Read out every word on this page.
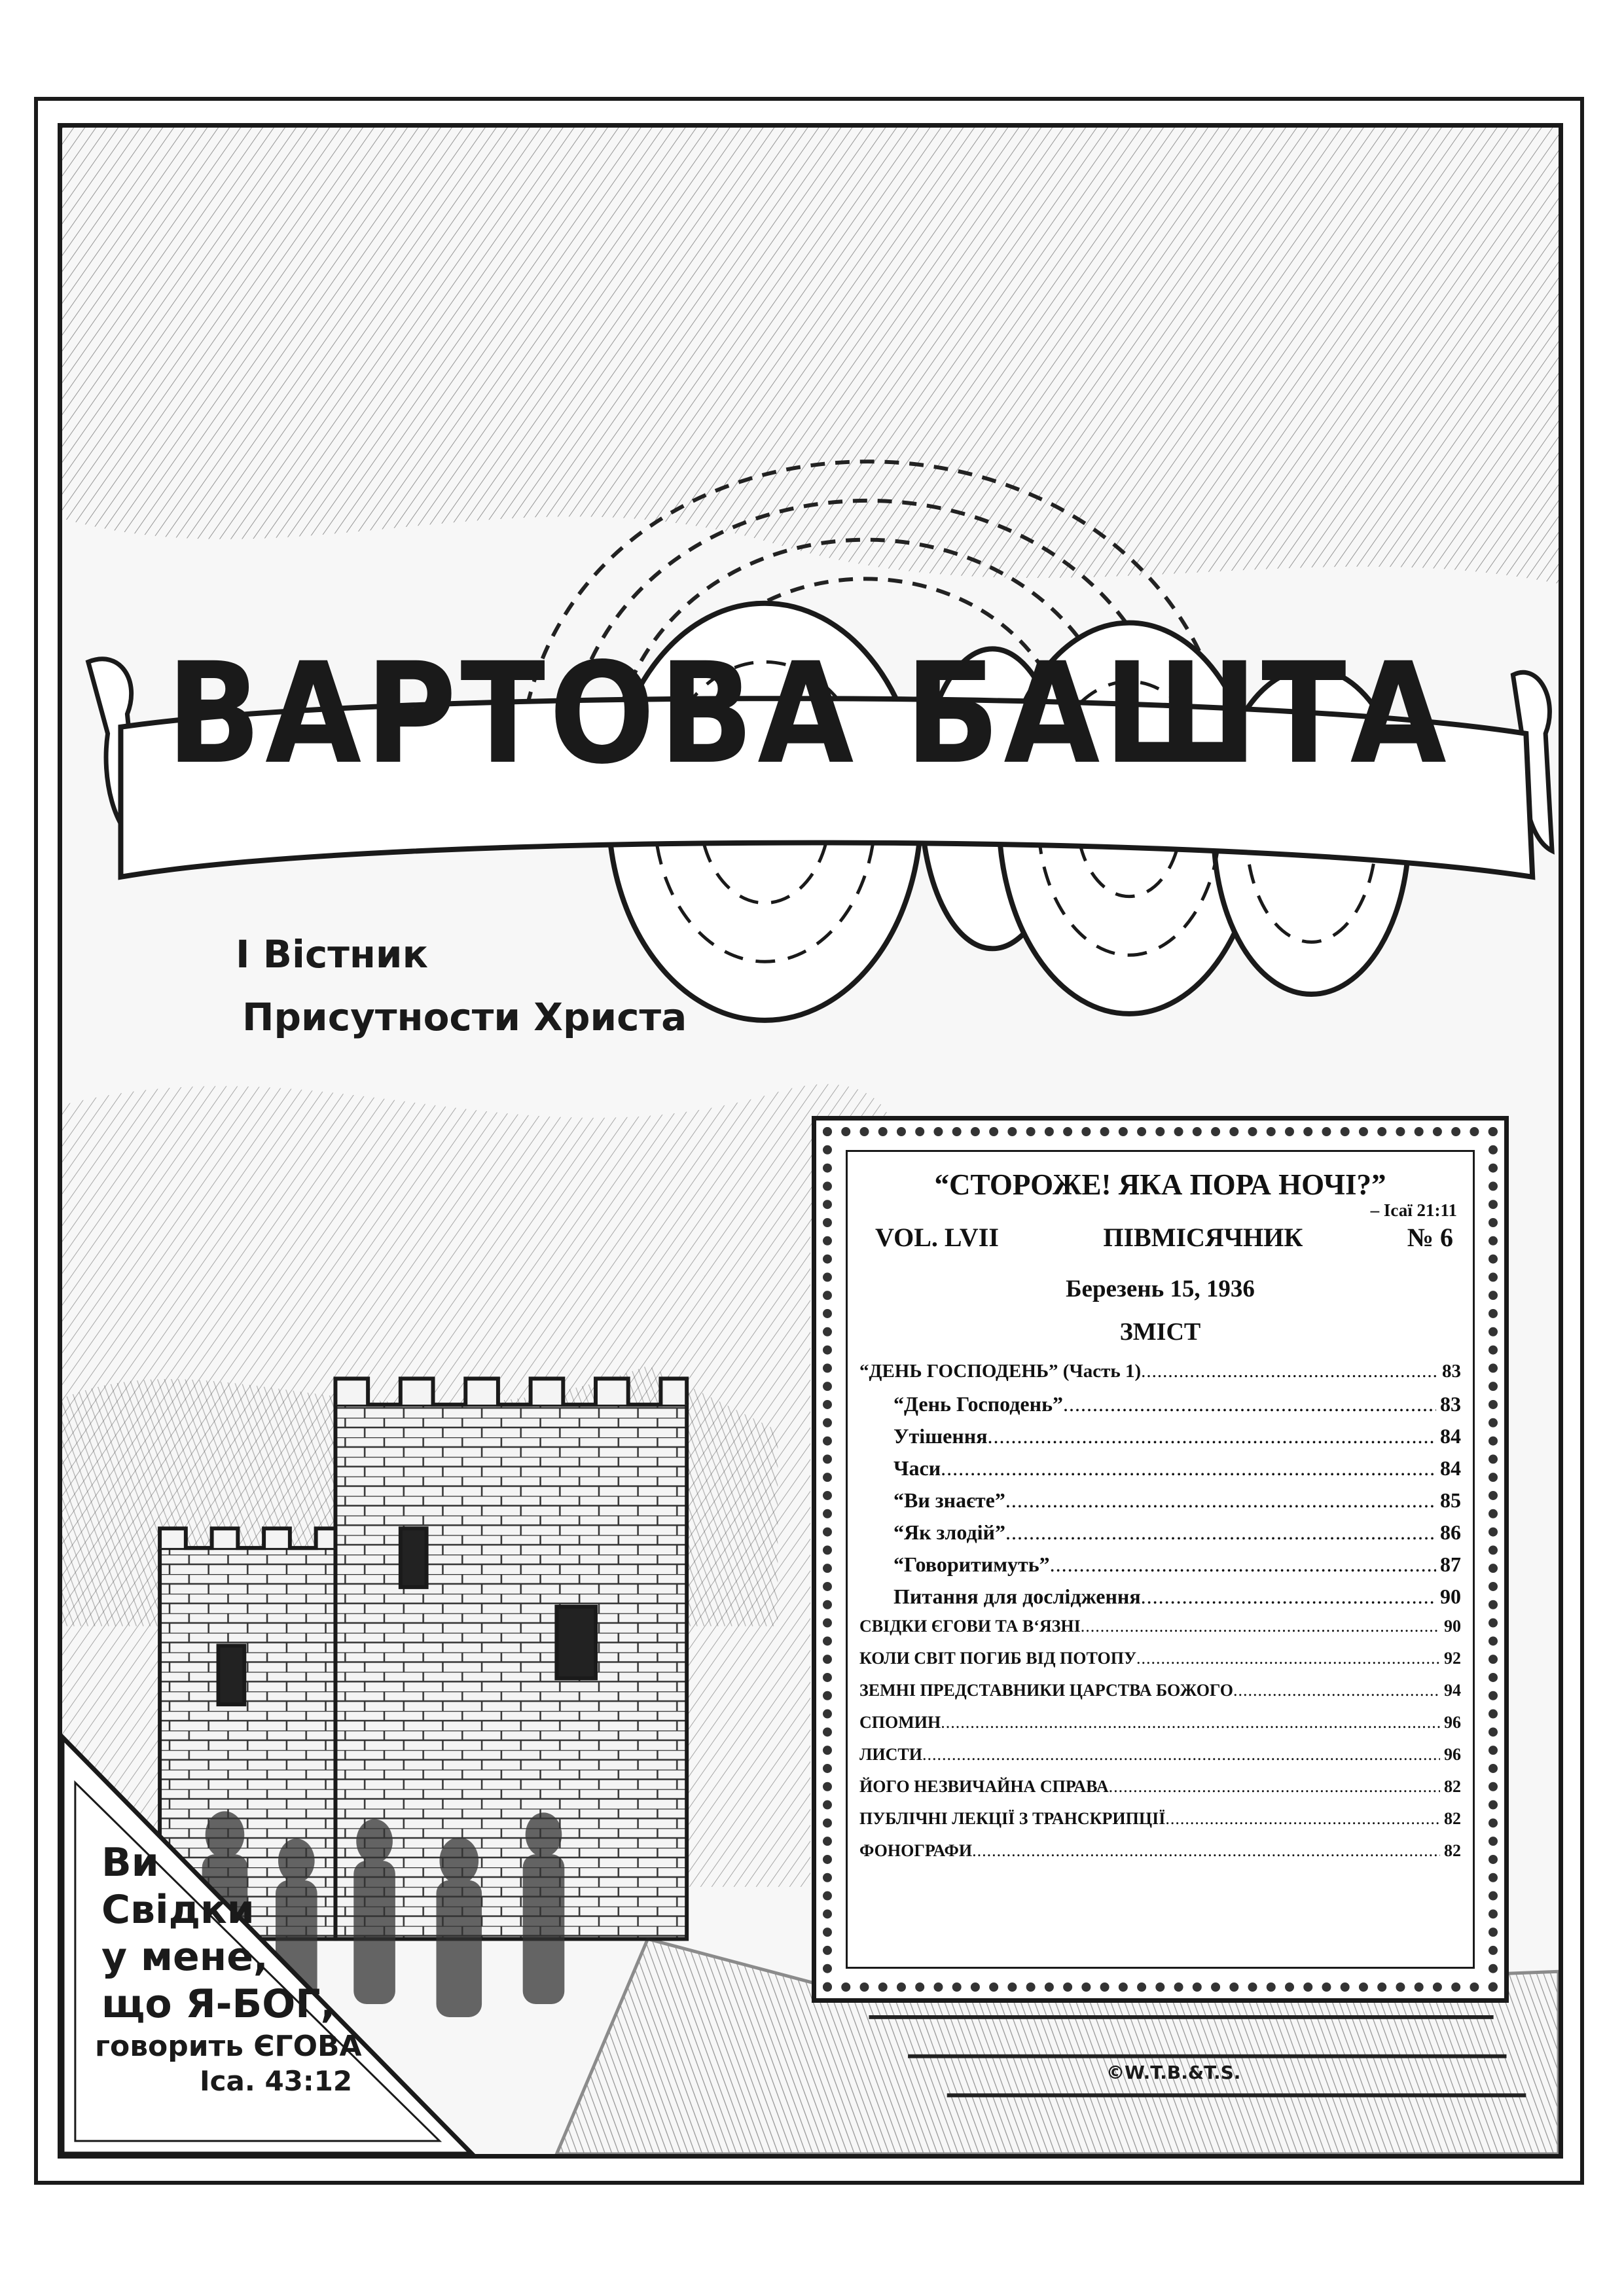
ВАРТОВА БАШТА
І Вістник
Присутности Христа
“СТОРОЖЕ! ЯКА ПОРА НОЧІ?”
– Ісаї 21:11
VOL. LVII	ПІВМІСЯЧНИК	№ 6
Березень 15, 1936
ЗМІСТ
“ДЕНЬ ГОСПОДЕНЬ” (Часть 1) .....	83
“День Господень” .....	83
Утішення .....	84
Часи .....	84
“Ви знаєте” .....	85
“Як злодій” .....	86
“Говоритимуть” .....	87
Питання для дослідження .....	90
СВІДКИ ЄГОВИ ТА В‘ЯЗНІ .....	90
КОЛИ СВІТ ПОГИБ ВІД ПОТОПУ .....	92
ЗЕМНІ ПРЕДСТАВНИКИ ЦАРСТВА БОЖОГО .....	94
СПОМИН .....	96
ЛИСТИ .....	96
ЙОГО НЕЗВИЧАЙНА СПРАВА .....	82
ПУБЛІЧНІ ЛЕКЦІЇ З ТРАНСКРИПЦІЇ .....	82
ФОНОГРАФИ .....	82
Ви
Свідки
у мене,
що Я-БОГ,
говорить ЄГОВА
Іса. 43:12	©W.T.B.&T.S.
